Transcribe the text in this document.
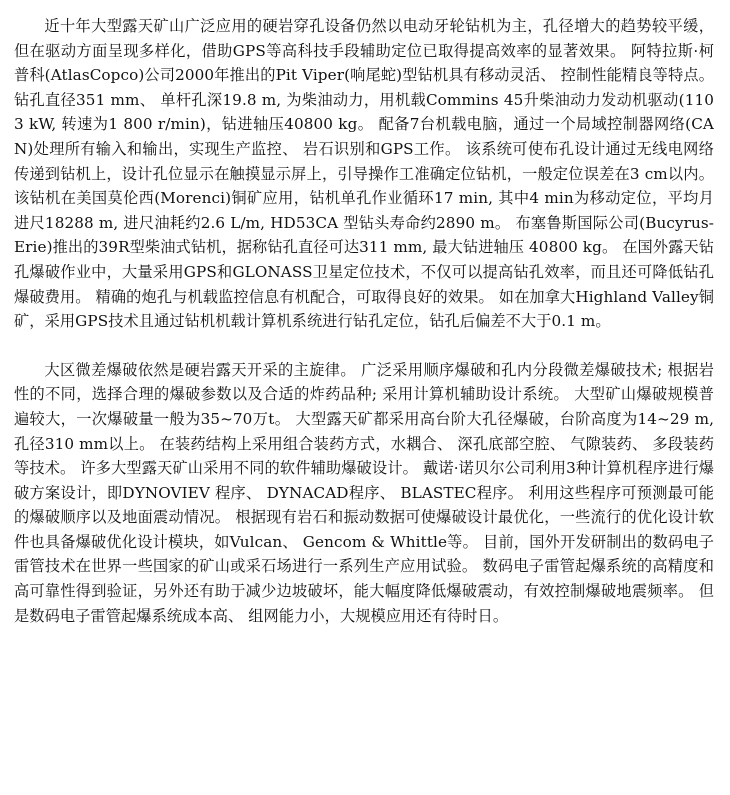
近十年大型露天矿山广泛应用的硬岩穿孔设备仍然以电动牙轮钻机为主，孔径增大的趋势较平缓，但在驱动方面呈现多样化，借助GPS等高科技手段辅助定位已取得提高效率的显著效果。 阿特拉斯·柯普科(AtlasCopco)公司2000年推出的Pit Viper(响尾蛇)型钻机具有移动灵活、 控制性能精良等特点。 钻孔直径351 mm、 单杆孔深19.8 m, 为柴油动力，用机载Commins 45升柴油动力发动机驱动(1103 kW, 转速为1 800 r/min)，钻进轴压40800 kg。 配备7台机载电脑，通过一个局域控制器网络(CAN)处理所有输入和输出，实现生产监控、 岩石识别和GPS工作。 该系统可使布孔设计通过无线电网络传递到钻机上，设计孔位显示在触摸显示屏上，引导操作工准确定位钻机，一般定位误差在3 cm以内。 该钻机在美国莫伦西(Morenci)铜矿应用，钻机单孔作业循环17 min, 其中4 min为移动定位，平均月进尺18288 m, 进尺油耗约2.6 L/m, HD53CA 型钻头寿命约2890 m。 布塞鲁斯国际公司(Bucyrus-Erie)推出的39R型柴油式钻机，据称钻孔直径可达311 mm, 最大钻进轴压 40800 kg。 在国外露天钻孔爆破作业中，大量采用GPS和GLONASS卫星定位技术，不仅可以提高钻孔效率，而且还可降低钻孔爆破费用。 精确的炮孔与机载监控信息有机配合，可取得良好的效果。 如在加拿大Highland Valley铜矿，采用GPS技术且通过钻机机载计算机系统进行钻孔定位，钻孔后偏差不大于0.1 m。

大区微差爆破依然是硬岩露天开采的主旋律。 广泛采用顺序爆破和孔内分段微差爆破技术; 根据岩性的不同，选择合理的爆破参数以及合适的炸药品种; 采用计算机辅助设计系统。 大型矿山爆破规模普遍较大，一次爆破量一般为35~70万t。 大型露天矿都采用高台阶大孔径爆破，台阶高度为14~29 m, 孔径310 mm以上。 在装药结构上采用组合装药方式，水耦合、 深孔底部空腔、 气隙装药、 多段装药等技术。 许多大型露天矿山采用不同的软件辅助爆破设计。 戴诺·诺贝尔公司利用3种计算机程序进行爆破方案设计，即DYNOVIEV 程序、 DYNACAD程序、 BLASTEC程序。 利用这些程序可预测最可能的爆破顺序以及地面震动情况。 根据现有岩石和振动数据可使爆破设计最优化，一些流行的优化设计软件也具备爆破优化设计模块，如Vulcan、 Gencom & Whittle等。 目前，国外开发研制出的数码电子雷管技术在世界一些国家的矿山或采石场进行一系列生产应用试验。 数码电子雷管起爆系统的高精度和高可靠性得到验证，另外还有助于减少边坡破坏，能大幅度降低爆破震动，有效控制爆破地震频率。 但是数码电子雷管起爆系统成本高、 组网能力小，大规模应用还有待时日。
